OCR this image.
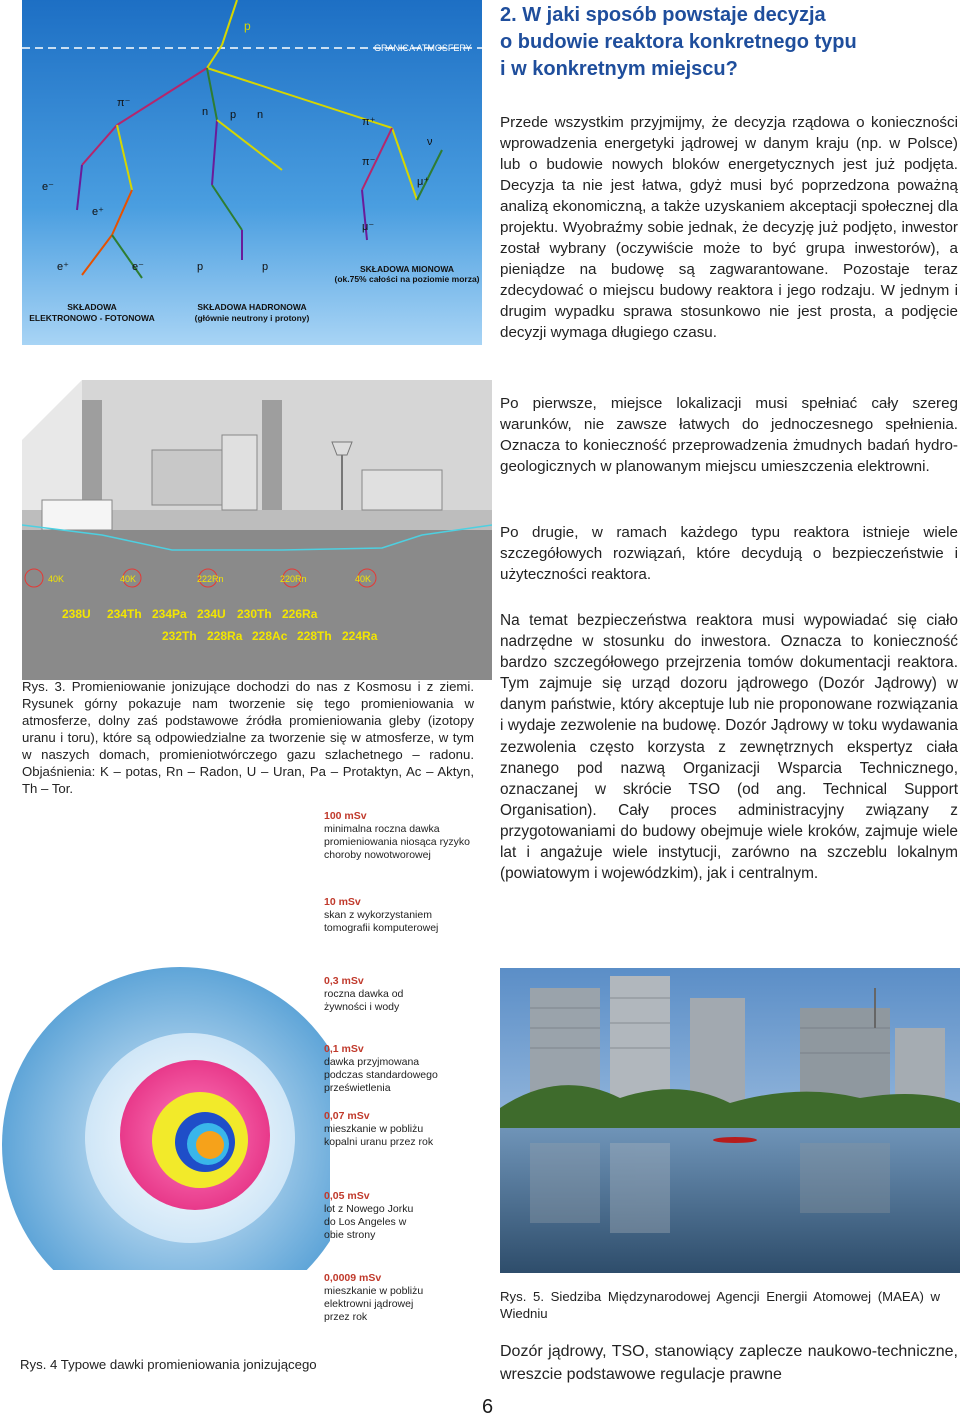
GRANICA ATMOSFERY
p
π⁻
n p n
π⁺
π⁻
ν
μ⁺
μ⁻
e⁻
e⁺
e⁻
e⁺	p	p
SKŁADOWA
ELEKTRONOWO - FOTONOWA
SKŁADOWA HADRONOWA
(głównie neutrony i protony)
SKŁADOWA MIONOWA
(ok.75% całości na poziomie morza)
40K	40K	222Rn	220Rn	40K
238U 234Th 234Pa 234U 230Th 226Ra
232Th 228Ra 228Ac 228Th 224Ra
Rys. 3. Promieniowanie jonizujące dochodzi do nas z Kosmosu i z ziemi. Rysunek górny pokazuje nam tworzenie się tego promieniowania w atmosferze, dolny zaś podstawowe źródła promieniowania gleby (izotopy uranu i toru), które są odpowiedzialne za tworzenie się w atmosferze, w tym w naszych domach, promieniotwórczego gazu szlachetnego – radonu. Objaśnienia: K – potas, Rn – Radon, U – Uran, Pa – Protaktyn, Ac – Aktyn, Th – Tor.
100 mSv
minimalna roczna dawka promieniowania niosąca ryzyko choroby nowotworowej
10 mSv
skan z wykorzystaniem tomografii komputerowej
0,3 mSv
roczna dawka od żywności i wody
0,1 mSv
dawka przyjmowana podczas standardowego prześwietlenia
0,07 mSv
mieszkanie w pobliżu kopalni uranu przez rok
0,05 mSv
lot z Nowego Jorku do Los Angeles w obie strony
0,0009 mSv
mieszkanie w pobliżu elektrowni jądrowej przez rok
Rys. 4 Typowe dawki promieniowania jonizującego
2. W jaki sposób powstaje decyzja
o budowie reaktora konkretnego typu
i w konkretnym miejscu?
Przede wszystkim przyjmijmy, że decyzja rządowa o konieczności wprowadzenia energetyki jądrowej w danym kraju (np. w Polsce) lub o budowie nowych bloków energetycznych jest już podjęta. Decyzja ta nie jest łatwa, gdyż musi być poprzedzona poważną analizą ekonomiczną, a także uzyskaniem akceptacji społecznej dla projektu. Wyobraźmy sobie jednak, że decyzję już podjęto, inwestor został wybrany (oczywiście może to być grupa inwestorów), a pieniądze na budowę są zagwarantowane. Pozostaje teraz zdecydować o miejscu budowy reaktora i jego rodzaju. W jednym i drugim wypadku sprawa stosunkowo nie jest prosta, a podjęcie decyzji wymaga długiego czasu.
Po pierwsze, miejsce lokalizacji musi spełniać cały szereg warunków, nie zawsze łatwych do jednoczesnego spełnienia. Oznacza to konieczność przeprowadzenia żmudnych badań hydro-geologicznych w planowanym miejscu umieszczenia elektrowni.
Po drugie, w ramach każdego typu reaktora istnieje wiele szczegółowych rozwiązań, które decydują o bezpieczeństwie i użyteczności reaktora.
Na temat bezpieczeństwa reaktora musi wypowiadać się ciało nadrzędne w stosunku do inwestora. Oznacza to konieczność bardzo szczegółowego przejrzenia tomów dokumentacji reaktora. Tym zajmuje się urząd dozoru jądrowego (Dozór Jądrowy) w danym państwie, który akceptuje lub nie proponowane rozwiązania i wydaje zezwolenie na budowę. Dozór Jądrowy w toku wydawania zezwolenia często korzysta z zewnętrznych ekspertyz ciała znanego pod nazwą Organizacji Wsparcia Technicznego, oznaczanej w skrócie TSO (od ang. Technical Support Organisation). Cały proces administracyjny związany z przygotowaniami do budowy obejmuje wiele kroków, zajmuje wiele lat i angażuje wiele instytucji, zarówno na szczeblu lokalnym (powiatowym i wojewódzkim), jak i centralnym.
Rys. 5. Siedziba Międzynarodowej Agencji Energii Atomowej (MAEA) w Wiedniu
Dozór jądrowy, TSO, stanowiący zaplecze naukowo-techniczne, wreszcie podstawowe regulacje prawne
6
